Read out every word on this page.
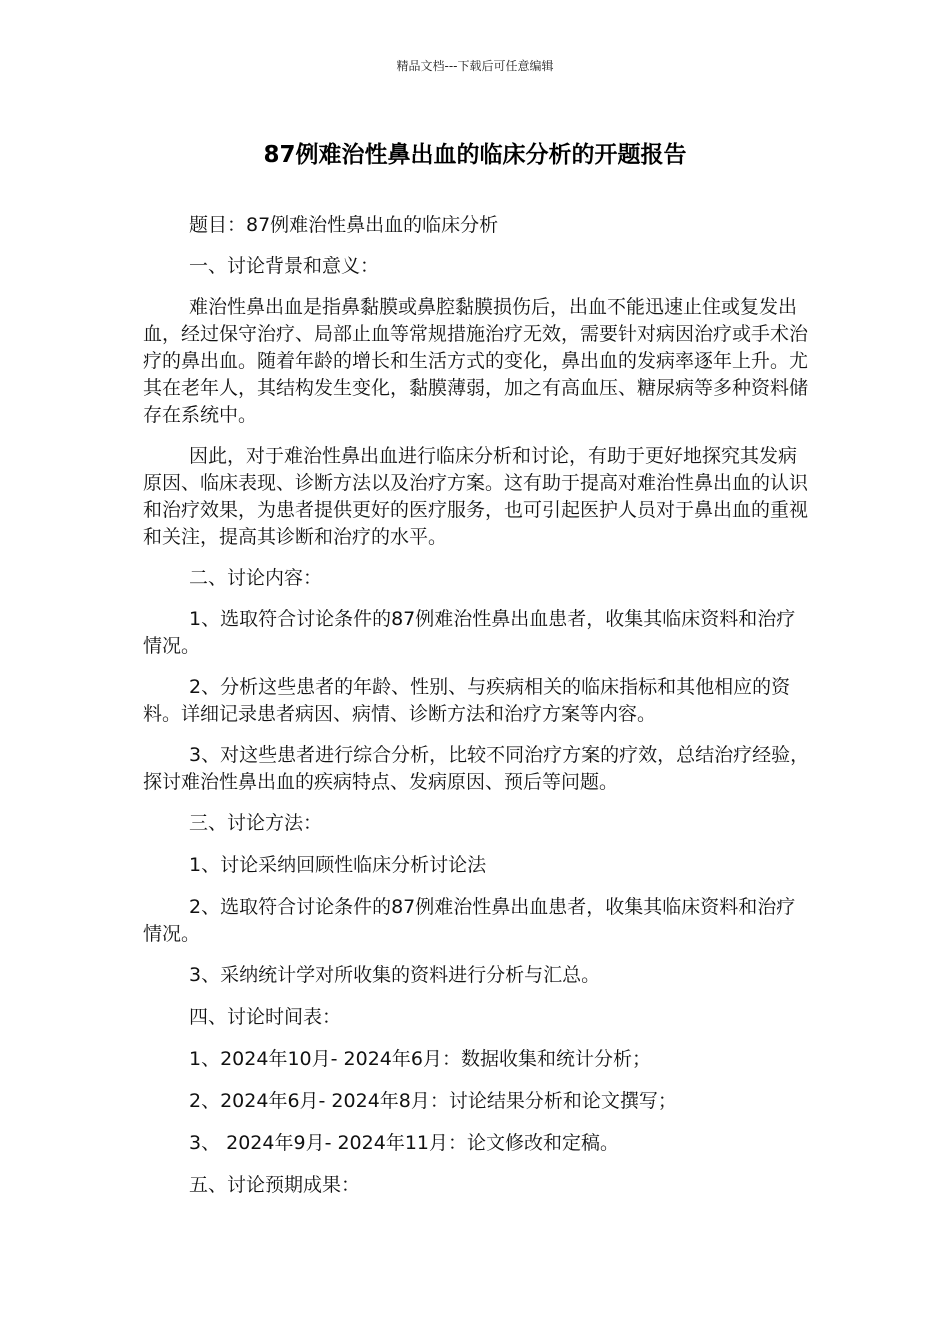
精品文档---下载后可任意编辑
87例难治性鼻出血的临床分析的开题报告

题目：87例难治性鼻出血的临床分析

一、讨论背景和意义：

难治性鼻出血是指鼻黏膜或鼻腔黏膜损伤后，出血不能迅速止住或复发出血，经过保守治疗、局部止血等常规措施治疗无效，需要针对病因治疗或手术治疗的鼻出血。随着年龄的增长和生活方式的变化，鼻出血的发病率逐年上升。尤其在老年人，其结构发生变化，黏膜薄弱，加之有高血压、糖尿病等多种资料储存在系统中。

因此，对于难治性鼻出血进行临床分析和讨论，有助于更好地探究其发病原因、临床表现、诊断方法以及治疗方案。这有助于提高对难治性鼻出血的认识和治疗效果，为患者提供更好的医疗服务，也可引起医护人员对于鼻出血的重视和关注，提高其诊断和治疗的水平。

二、讨论内容：

1、选取符合讨论条件的87例难治性鼻出血患者，收集其临床资料和治疗情况。

2、分析这些患者的年龄、性别、与疾病相关的临床指标和其他相应的资料。详细记录患者病因、病情、诊断方法和治疗方案等内容。

3、对这些患者进行综合分析，比较不同治疗方案的疗效，总结治疗经验，探讨难治性鼻出血的疾病特点、发病原因、预后等问题。

三、讨论方法：

1、讨论采纳回顾性临床分析讨论法

2、选取符合讨论条件的87例难治性鼻出血患者，收集其临床资料和治疗情况。

3、采纳统计学对所收集的资料进行分析与汇总。

四、讨论时间表：

1、2024年10月- 2024年6月：数据收集和统计分析；

2、2024年6月- 2024年8月：讨论结果分析和论文撰写；

3、 2024年9月- 2024年11月：论文修改和定稿。

五、讨论预期成果：
